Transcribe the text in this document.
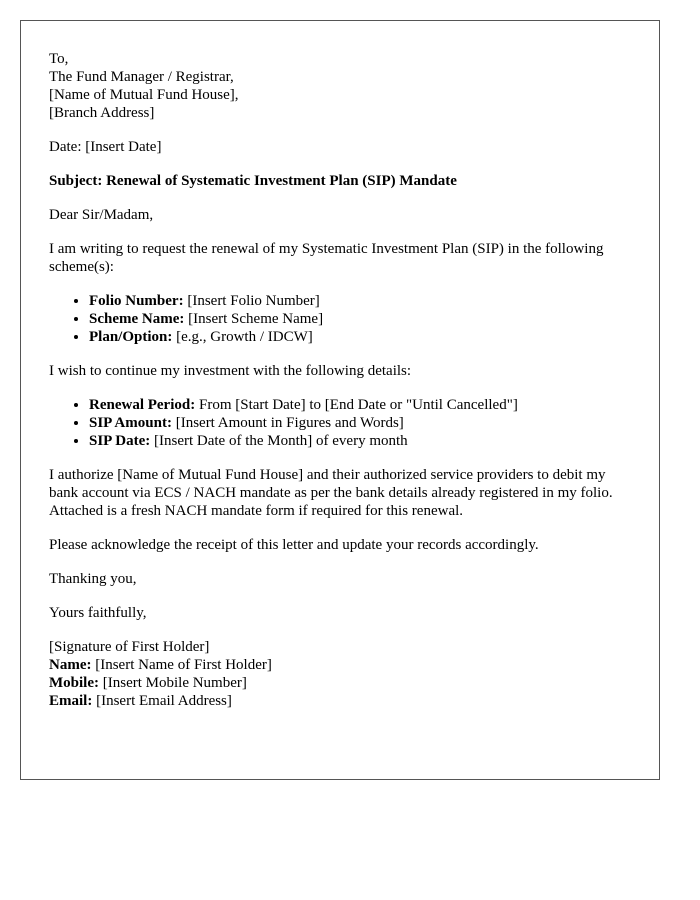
To,
The Fund Manager / Registrar,
[Name of Mutual Fund House],
[Branch Address]

Date: [Insert Date]

Subject: Renewal of Systematic Investment Plan (SIP) Mandate

Dear Sir/Madam,

I am writing to request the renewal of my Systematic Investment Plan (SIP) in the following scheme(s):

• Folio Number: [Insert Folio Number]
• Scheme Name: [Insert Scheme Name]
• Plan/Option: [e.g., Growth / IDCW]

I wish to continue my investment with the following details:

• Renewal Period: From [Start Date] to [End Date or "Until Cancelled"]
• SIP Amount: [Insert Amount in Figures and Words]
• SIP Date: [Insert Date of the Month] of every month

I authorize [Name of Mutual Fund House] and their authorized service providers to debit my bank account via ECS / NACH mandate as per the bank details already registered in my folio. Attached is a fresh NACH mandate form if required for this renewal.

Please acknowledge the receipt of this letter and update your records accordingly.

Thanking you,

Yours faithfully,

[Signature of First Holder]
Name: [Insert Name of First Holder]
Mobile: [Insert Mobile Number]
Email: [Insert Email Address]
